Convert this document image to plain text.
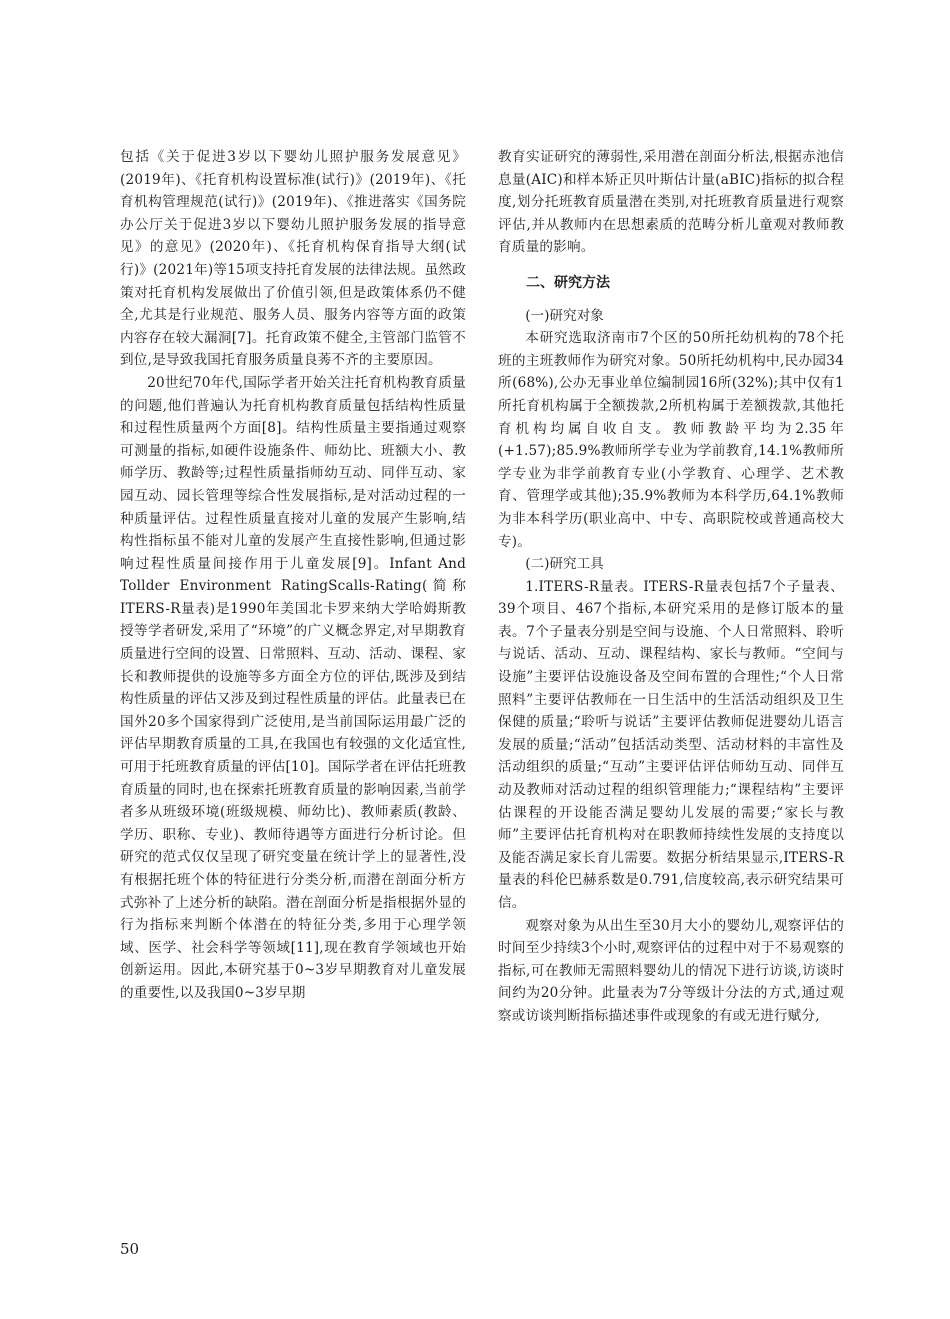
包括《关于促进3岁以下婴幼儿照护服务发展意见》(2019年)、《托育机构设置标准(试行)》(2019年)、《托育机构管理规范(试行)》(2019年)、《推进落实《国务院办公厅关于促进3岁以下婴幼儿照护服务发展的指导意见》的意见》(2020年)、《托育机构保育指导大纲(试行)》(2021年)等15项支持托育发展的法律法规。虽然政策对托育机构发展做出了价值引领,但是政策体系仍不健全,尤其是行业规范、服务人员、服务内容等方面的政策内容存在较大漏洞[7]。托育政策不健全,主管部门监管不到位,是导致我国托育服务质量良莠不齐的主要原因。

20世纪70年代,国际学者开始关注托育机构教育质量的问题,他们普遍认为托育机构教育质量包括结构性质量和过程性质量两个方面[8]。结构性质量主要指通过观察可测量的指标,如硬件设施条件、师幼比、班额大小、教师学历、教龄等;过程性质量指师幼互动、同伴互动、家园互动、园长管理等综合性发展指标,是对活动过程的一种质量评估。过程性质量直接对儿童的发展产生影响,结构性指标虽不能对儿童的发展产生直接性影响,但通过影响过程性质量间接作用于儿童发展[9]。Infant And Tollder Environment RatingScalls-Rating(简称ITERS-R量表)是1990年美国北卡罗来纳大学哈姆斯教授等学者研发,采用了“环境”的广义概念界定,对早期教育质量进行空间的设置、日常照料、互动、活动、课程、家长和教师提供的设施等多方面全方位的评估,既涉及到结构性质量的评估又涉及到过程性质量的评估。此量表已在国外20多个国家得到广泛使用,是当前国际运用最广泛的评估早期教育质量的工具,在我国也有较强的文化适宜性,可用于托班教育质量的评估[10]。国际学者在评估托班教育质量的同时,也在探索托班教育质量的影响因素,当前学者多从班级环境(班级规模、师幼比)、教师素质(教龄、学历、职称、专业)、教师待遇等方面进行分析讨论。但研究的范式仅仅呈现了研究变量在统计学上的显著性,没有根据托班个体的特征进行分类分析,而潜在剖面分析方式弥补了上述分析的缺陷。潜在剖面分析是指根据外显的行为指标来判断个体潜在的特征分类,多用于心理学领域、医学、社会科学等领域[11],现在教育学领域也开始创新运用。因此,本研究基于0~3岁早期教育对儿童发展的重要性,以及我国0~3岁早期

教育实证研究的薄弱性,采用潜在剖面分析法,根据赤池信息量(AIC)和样本矫正贝叶斯估计量(aBIC)指标的拟合程度,划分托班教育质量潜在类别,对托班教育质量进行观察评估,并从教师内在思想素质的范畴分析儿童观对教师教育质量的影响。

二、研究方法
(一)研究对象

本研究选取济南市7个区的50所托幼机构的78个托班的主班教师作为研究对象。50所托幼机构中,民办园34所(68%),公办无事业单位编制园16所(32%);其中仅有1所托育机构属于全额拨款,2所机构属于差额拨款,其他托育机构均属自收自支。教师教龄平均为2.35年(+1.57);85.9%教师所学专业为学前教育,14.1%教师所学专业为非学前教育专业(小学教育、心理学、艺术教育、管理学或其他);35.9%教师为本科学历,64.1%教师为非本科学历(职业高中、中专、高职院校或普通高校大专)。

(二)研究工具

1.ITERS-R量表。ITERS-R量表包括7个子量表、39个项目、467个指标,本研究采用的是修订版本的量表。7个子量表分别是空间与设施、个人日常照料、聆听与说话、活动、互动、课程结构、家长与教师。“空间与设施”主要评估设施设备及空间布置的合理性;“个人日常照料”主要评估教师在一日生活中的生活活动组织及卫生保健的质量;“聆听与说话”主要评估教师促进婴幼儿语言发展的质量;“活动”包括活动类型、活动材料的丰富性及活动组织的质量;“互动”主要评估评估师幼互动、同伴互动及教师对活动过程的组织管理能力;“课程结构”主要评估课程的开设能否满足婴幼儿发展的需要;“家长与教师”主要评估托育机构对在职教师持续性发展的支持度以及能否满足家长育儿需要。数据分析结果显示,ITERS-R量表的科伦巴赫系数是0.791,信度较高,表示研究结果可信。

观察对象为从出生至30月大小的婴幼儿,观察评估的时间至少持续3个小时,观察评估的过程中对于不易观察的指标,可在教师无需照料婴幼儿的情况下进行访谈,访谈时间约为20分钟。此量表为7分等级计分法的方式,通过观察或访谈判断指标描述事件或现象的有或无进行赋分,

50
